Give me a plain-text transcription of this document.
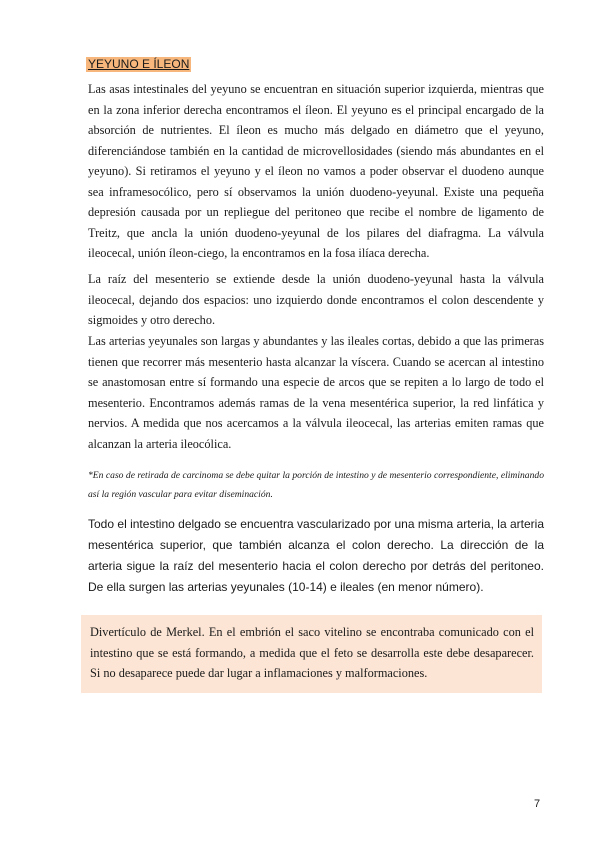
YEYUNO E ÍLEON

Las asas intestinales del yeyuno se encuentran en situación superior izquierda, mientras que en la zona inferior derecha encontramos el íleon. El yeyuno es el principal encargado de la absorción de nutrientes. El íleon es mucho más delgado en diámetro que el yeyuno, diferenciándose también en la cantidad de microvellosidades (siendo más abundantes en el yeyuno). Si retiramos el yeyuno y el íleon no vamos a poder observar el duodeno aunque sea inframesocólico, pero sí observamos la unión duodeno-yeyunal. Existe una pequeña depresión causada por un repliegue del peritoneo que recibe el nombre de ligamento de Treitz, que ancla la unión duodeno-yeyunal de los pilares del diafragma. La válvula ileocecal, unión íleon-ciego, la encontramos en la fosa ilíaca derecha.

La raíz del mesenterio se extiende desde la unión duodeno-yeyunal hasta la válvula ileocecal, dejando dos espacios: uno izquierdo donde encontramos el colon descendente y sigmoides y otro derecho.

Las arterias yeyunales son largas y abundantes y las ileales cortas, debido a que las primeras tienen que recorrer más mesenterio hasta alcanzar la víscera. Cuando se acercan al intestino se anastomosan entre sí formando una especie de arcos que se repiten a lo largo de todo el mesenterio. Encontramos además ramas de la vena mesentérica superior, la red linfática y nervios. A medida que nos acercamos a la válvula ileocecal, las arterias emiten ramas que alcanzan la arteria ileocólica.

*En caso de retirada de carcinoma se debe quitar la porción de intestino y de mesenterio correspondiente, eliminando así la región vascular para evitar diseminación.

Todo el intestino delgado se encuentra vascularizado por una misma arteria, la arteria mesentérica superior, que también alcanza el colon derecho. La dirección de la arteria sigue la raíz del mesenterio hacia el colon derecho por detrás del peritoneo. De ella surgen las arterias yeyunales (10-14) e ileales (en menor número).

Divertículo de Merkel. En el embrión el saco vitelino se encontraba comunicado con el intestino que se está formando, a medida que el feto se desarrolla este debe desaparecer. Si no desaparece puede dar lugar a inflamaciones y malformaciones.

7
